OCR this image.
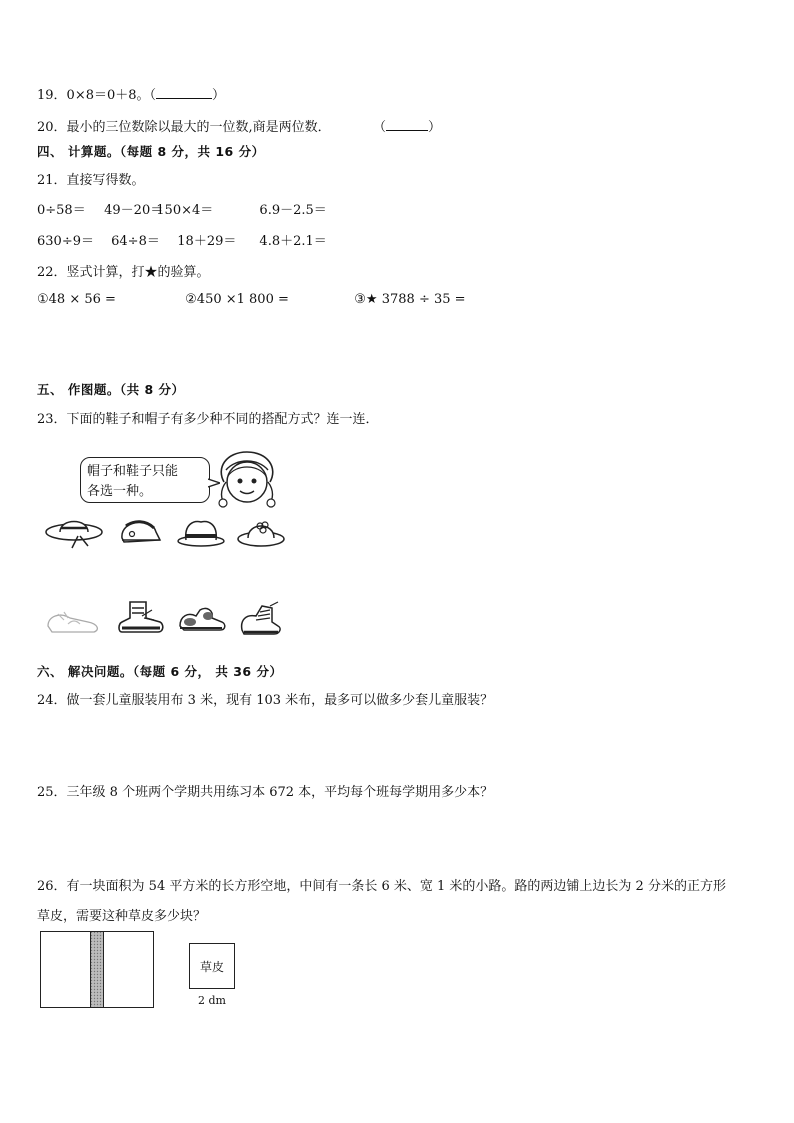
19．0×8＝0＋8。（	）
20．最小的三位数除以最大的一位数,商是两位数．	（	）
四、 计算题。（每题 8 分，共 16 分）
21．直接写得数。
0÷58＝ 49－20＝ 150×4＝	6.9－2.5＝
630÷9＝ 64÷8＝ 18＋29＝ 4.8＋2.1＝
22．竖式计算，打★的验算。
①48 × 56 =	②450 ×1 800 =	③★ 3788 ÷ 35 =
五、 作图题。（共 8 分）
23．下面的鞋子和帽子有多少种不同的搭配方式？连一连．
帽子和鞋子只能
各选一种。
六、 解决问题。（每题 6 分， 共 36 分）
24．做一套儿童服装用布 3 米，现有 103 米布，最多可以做多少套儿童服装？
25．三年级 8 个班两个学期共用练习本 672 本，平均每个班每学期用多少本？
26．有一块面积为 54 平方米的长方形空地，中间有一条长 6 米、宽 1 米的小路。路的两边铺上边长为 2 分米的正方形
草皮，需要这种草皮多少块？
草皮
2 dm
